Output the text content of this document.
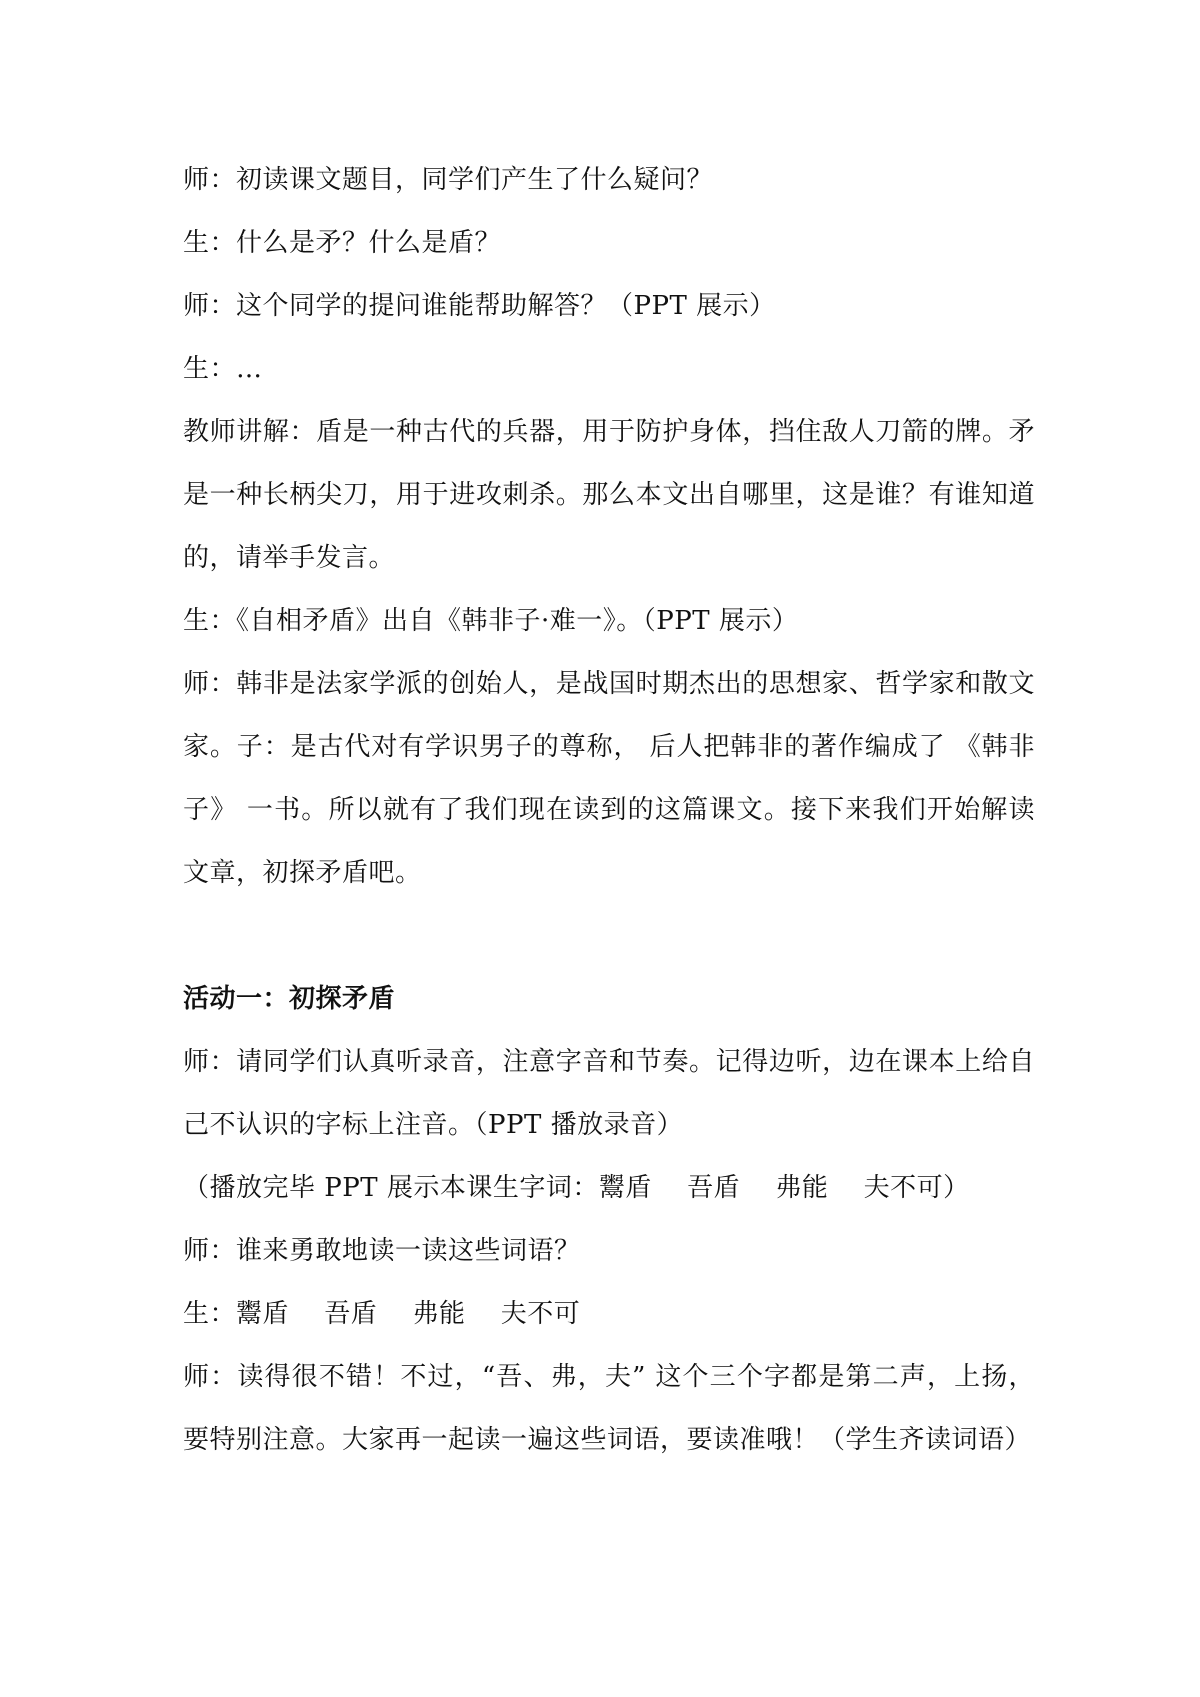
师：初读课文题目，同学们产生了什么疑问？

生：什么是矛？什么是盾？

师：这个同学的提问谁能帮助解答？（PPT 展示）

生：…

教师讲解：盾是一种古代的兵器，用于防护身体，挡住敌人刀箭的牌。矛是一种长柄尖刀，用于进攻刺杀。那么本文出自哪里，这是谁？有谁知道的，请举手发言。

生：《自相矛盾》出自《韩非子·难一》。（PPT 展示）

师：韩非是法家学派的创始人，是战国时期杰出的思想家、哲学家和散文家。子：是古代对有学识男子的尊称， 后人把韩非的著作编成了 《韩非子》 一书。所以就有了我们现在读到的这篇课文。接下来我们开始解读文章，初探矛盾吧。

活动一：初探矛盾

师：请同学们认真听录音，注意字音和节奏。记得边听，边在课本上给自己不认识的字标上注音。（PPT 播放录音）

（播放完毕 PPT 展示本课生字词：鬻盾　 吾盾　 弗能　 夫不可）

师：谁来勇敢地读一读这些词语？

生：鬻盾　 吾盾　 弗能　 夫不可

师：读得很不错！不过，“吾、弗，夫” 这个三个字都是第二声，上扬，要特别注意。大家再一起读一遍这些词语，要读准哦！（学生齐读词语）
